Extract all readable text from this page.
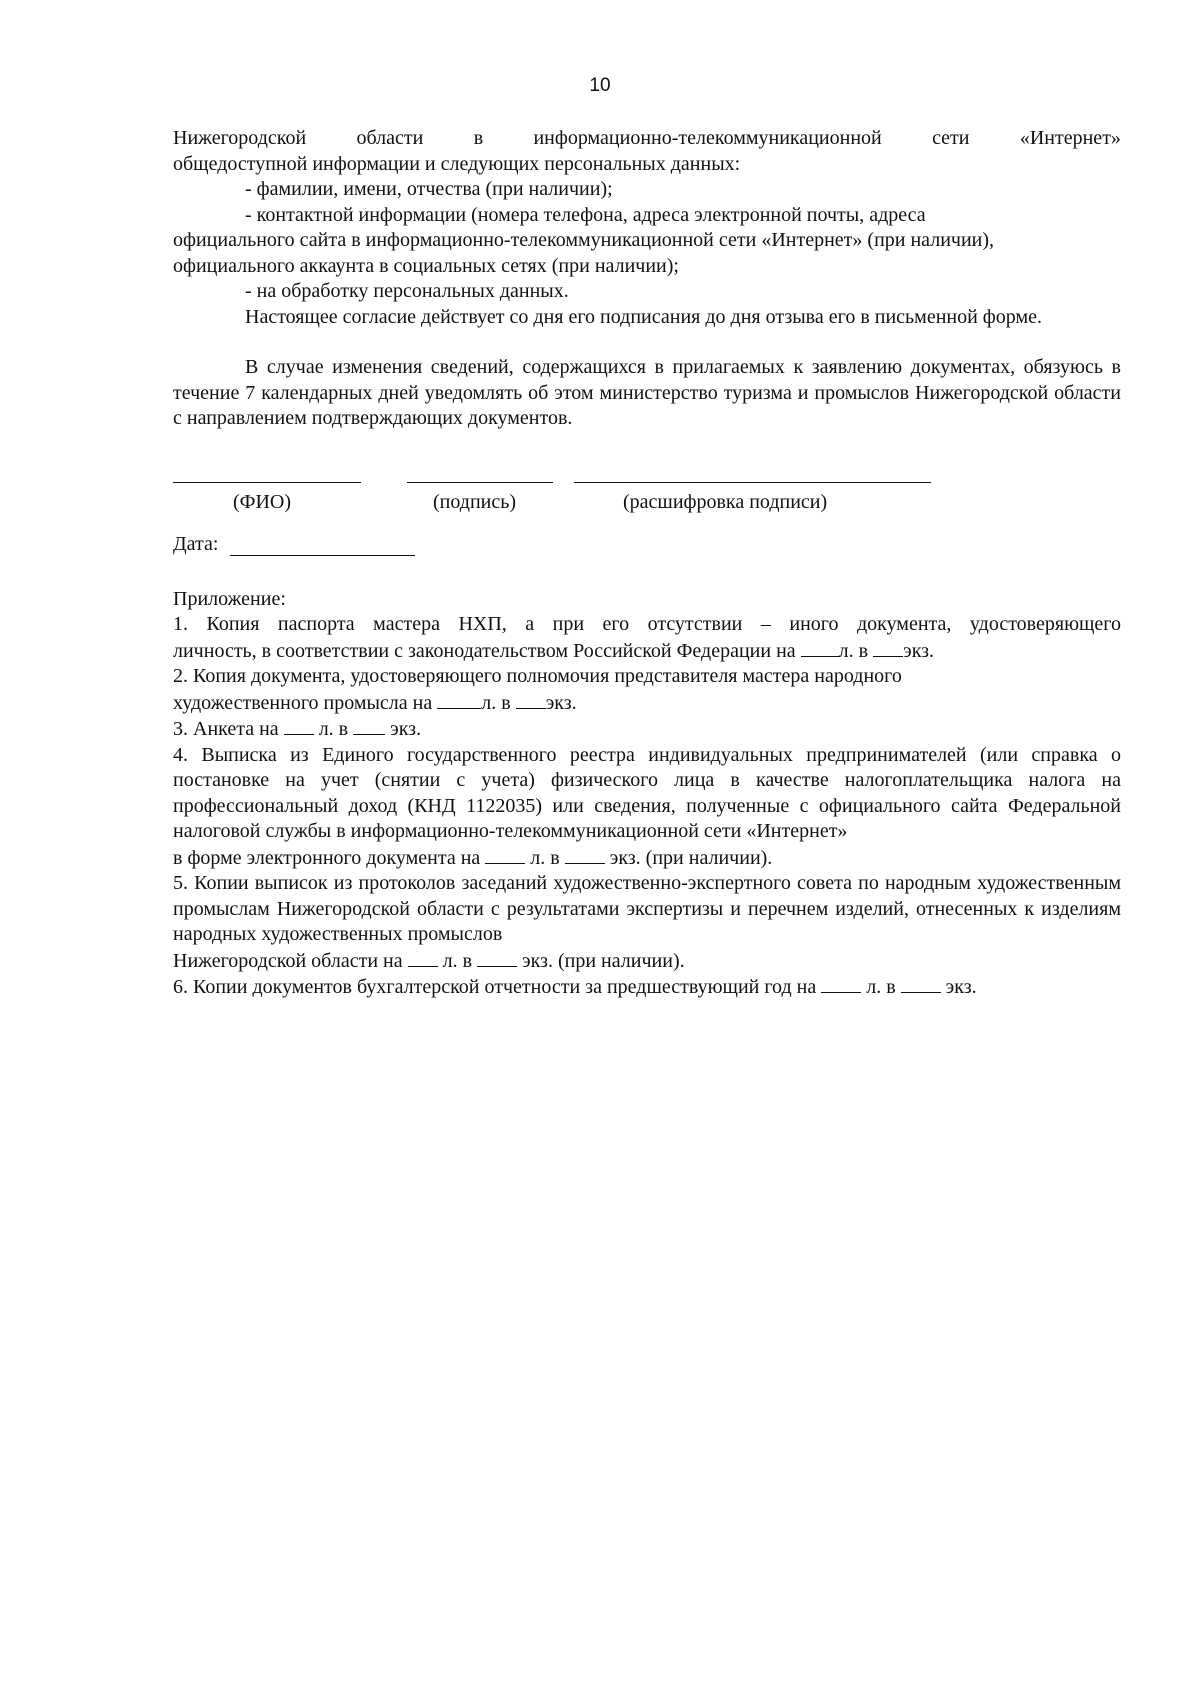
10
Нижегородской	области	в	информационно-телекоммуникационной	сети	«Интернет»
общедоступной информации и следующих персональных данных:
- фамилии, имени, отчества (при наличии);
- контактной информации (номера телефона, адреса электронной почты, адреса
официального сайта в информационно-телекоммуникационной сети «Интернет» (при наличии),
официального аккаунта в социальных сетях (при наличии);
- на обработку персональных данных.
Настоящее согласие действует со дня его подписания до дня отзыва его в письменной форме.
В случае изменения сведений, содержащихся в прилагаемых к заявлению документах, обязуюсь в течение 7 календарных дней уведомлять об этом министерство туризма и промыслов Нижегородской области с направлением подтверждающих документов.
(ФИО)	(подпись)	(расшифровка подписи)
Дата:
Приложение:
1. Копия паспорта мастера НХП, а при его отсутствии – иного документа, удостоверяющего
личность, в соответствии с законодательством Российской Федерации на л. в экз.
2. Копия документа, удостоверяющего полномочия представителя мастера народного
художественного промысла на л. в экз.
3. Анкета на л. в экз.
4. Выписка из Единого государственного реестра индивидуальных предпринимателей (или справка о постановке на учет (снятии с учета) физического лица в качестве налогоплательщика налога на профессиональный доход (КНД 1122035) или сведения, полученные с официального сайта Федеральной налоговой службы в информационно-телекоммуникационной сети «Интернет»
в форме электронного документа на	л. в	экз. (при наличии).
5. Копии выписок из протоколов заседаний художественно-экспертного совета по народным художественным промыслам Нижегородской области с результатами экспертизы и перечнем изделий, отнесенных к изделиям народных художественных промыслов
Нижегородской области на л. в	экз. (при наличии).
6. Копии документов бухгалтерской отчетности за предшествующий год на	л. в	экз.
